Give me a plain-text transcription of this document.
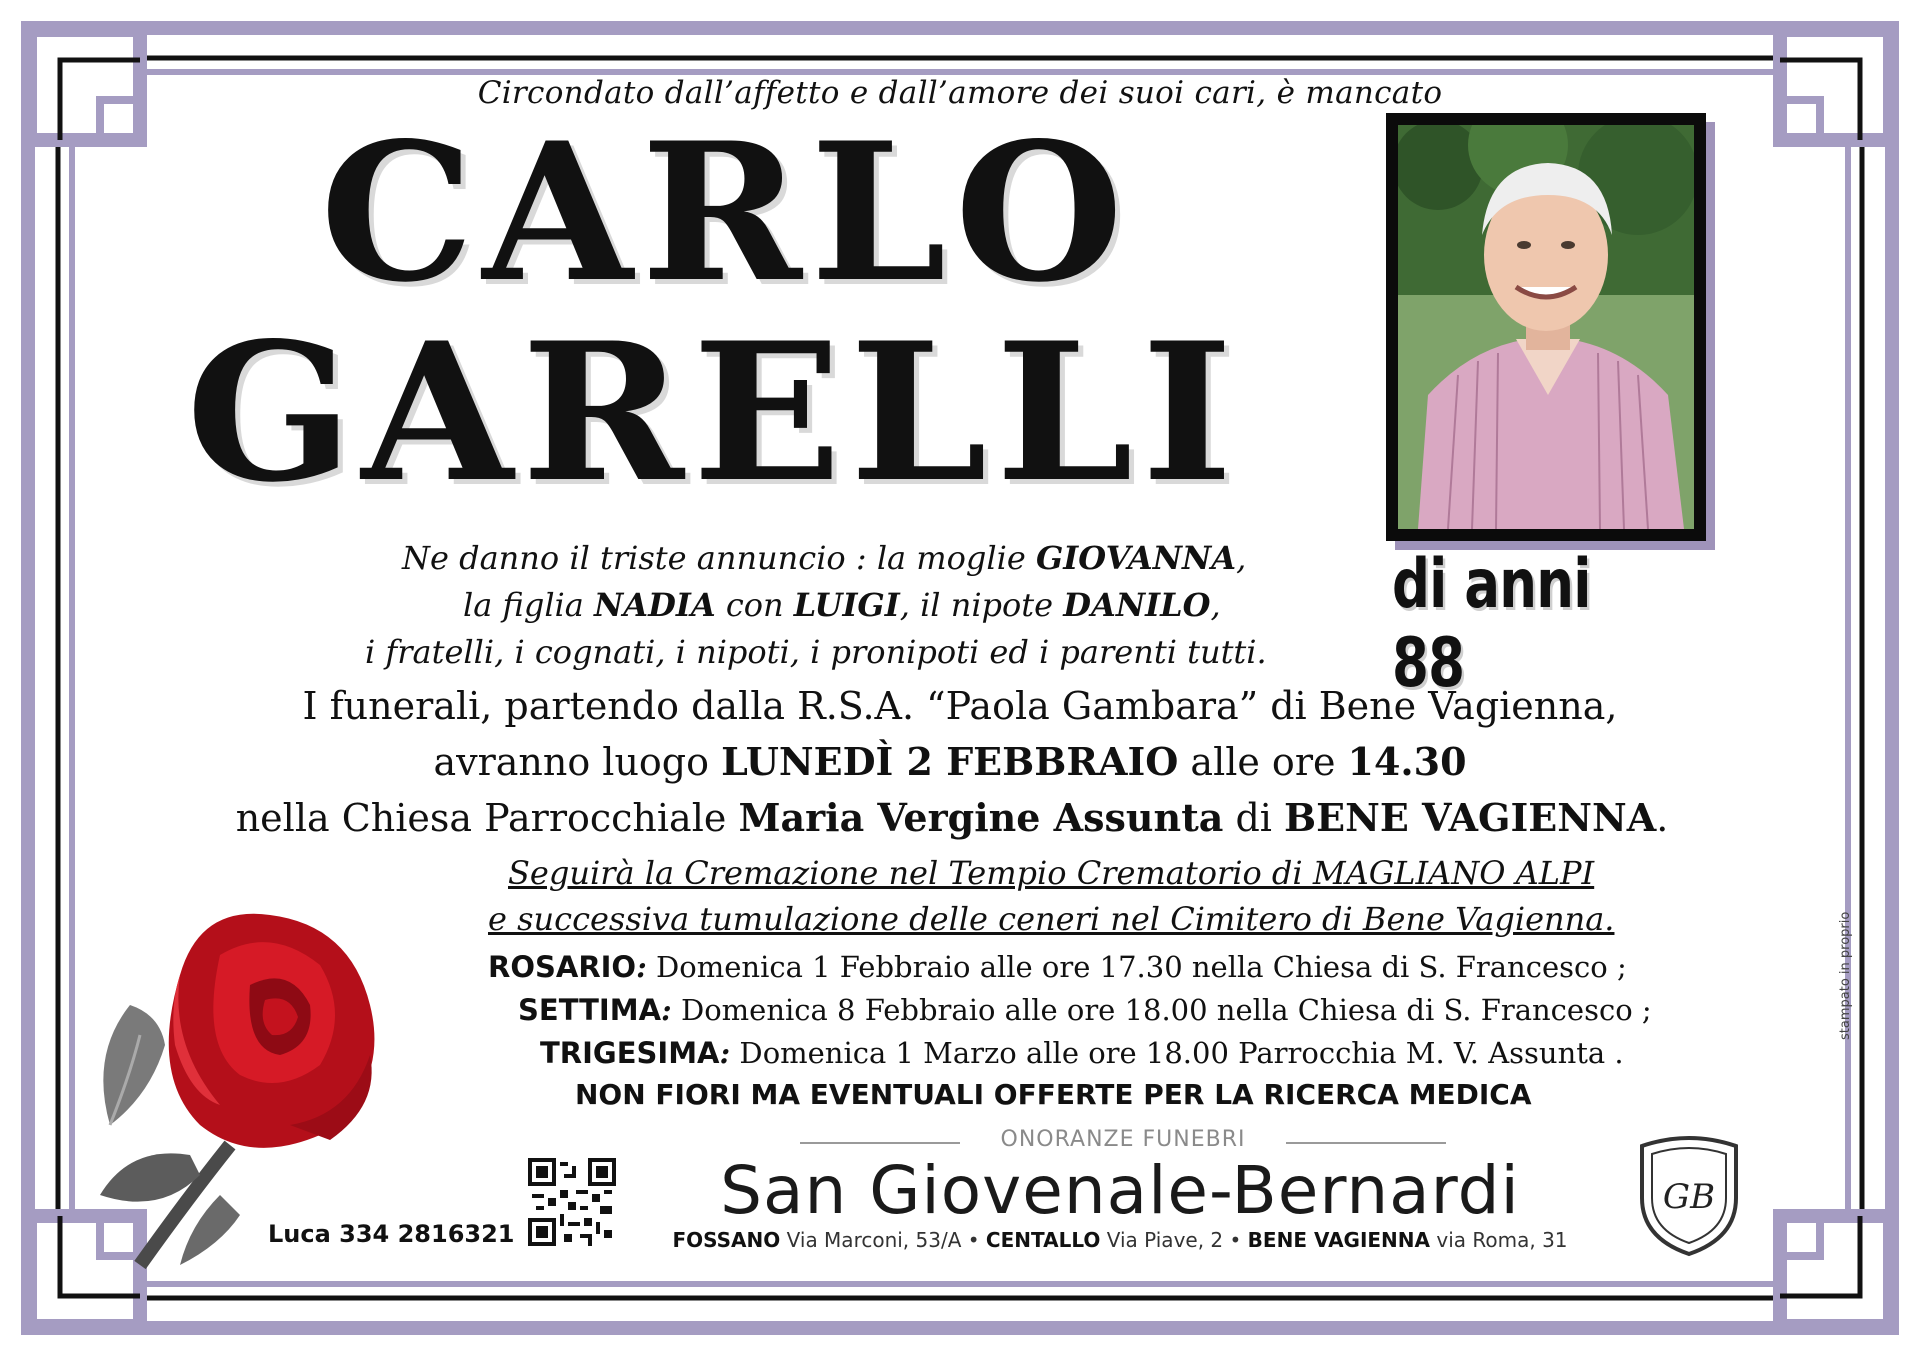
Circondato dall’affetto e dall’amore dei suoi cari, è mancato
CARLO
GARELLI
di anni 88
Ne danno il triste annuncio : la moglie GIOVANNA,
la figlia NADIA con LUIGI, il nipote DANILO,
i fratelli, i cognati, i nipoti, i pronipoti ed i parenti tutti.
I funerali, partendo dalla R.S.A. “Paola Gambara” di Bene Vagienna,
avranno luogo LUNEDÌ 2 FEBBRAIO alle ore 14.30
nella Chiesa Parrocchiale Maria Vergine Assunta di BENE VAGIENNA.
Seguirà la Cremazione nel Tempio Crematorio di MAGLIANO ALPI
e successiva tumulazione delle ceneri nel Cimitero di Bene Vagienna.
ROSARIO: Domenica 1 Febbraio alle ore 17.30 nella Chiesa di S. Francesco ;
SETTIMA: Domenica 8 Febbraio alle ore 18.00 nella Chiesa di S. Francesco ;
TRIGESIMA: Domenica 1 Marzo alle ore 18.00 Parrocchia M. V. Assunta .
NON FIORI MA EVENTUALI OFFERTE PER LA RICERCA MEDICA
ONORANZE FUNEBRI
San Giovenale-Bernardi
FOSSANO Via Marconi, 53/A • CENTALLO Via Piave, 2 • BENE VAGIENNA via Roma, 31
GB
Luca 334 2816321
stampato in proprio
